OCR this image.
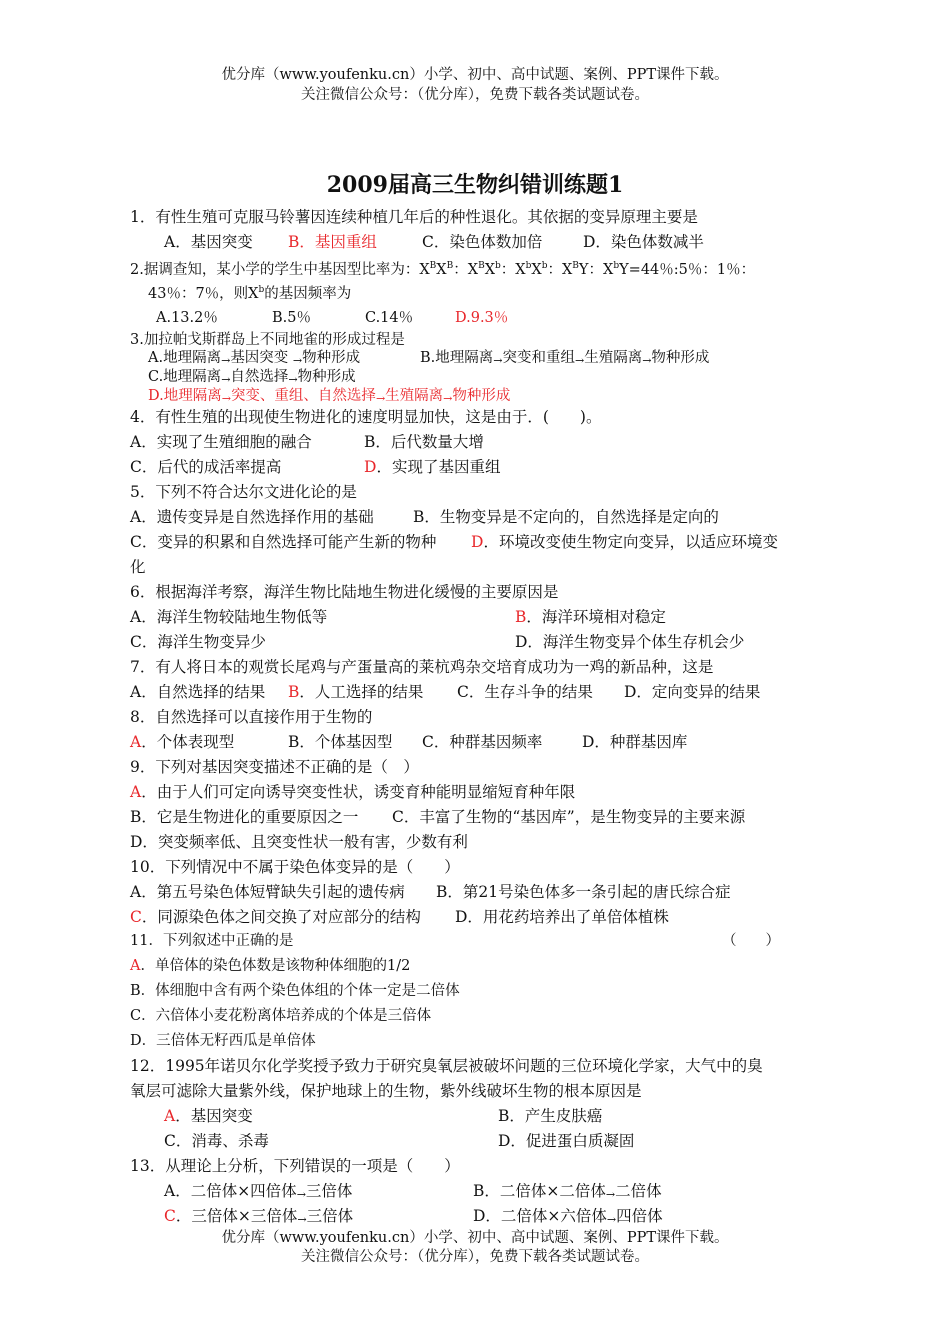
优分库（www.youfenku.cn）小学、初中、高中试题、案例、PPT课件下载。
关注微信公众号：（优分库），免费下载各类试题试卷。
2009届高三生物纠错训练题1
1．有性生殖可克服马铃薯因连续种植几年后的种性退化。其依据的变异原理主要是
A．基因突变 B．基因重组	C．染色体数加倍	D．染色体数减半
2.据调查知，某小学的学生中基因型比率为：$X^BX^B$：$X^BX^b$：$X^bX^b$：$X^BY$：$X^bY=44$％:5％：1％：
43％：7％，则$X^b$的基因频率为
A.13.2％	B.5％	C.14％	D.9.3％
3.加拉帕戈斯群岛上不同地雀的形成过程是
A.地理隔离→基因突变 →物种形成	B.地理隔离→突变和重组→生殖隔离→物种形成
C.地理隔离→自然选择→物种形成
D.地理隔离→突变、重组、自然选择→生殖隔离→物种形成
4．有性生殖的出现使生物进化的速度明显加快，这是由于．(　　)。
A．实现了生殖细胞的融合	B．后代数量大增
C．后代的成活率提高	D．实现了基因重组
5．下列不符合达尔文进化论的是
A．遗传变异是自然选择作用的基础	B．生物变异是不定向的，自然选择是定向的
C．变异的积累和自然选择可能产生新的物种 D．环境改变使生物定向变异，以适应环境变
化
6．根据海洋考察，海洋生物比陆地生物进化缓慢的主要原因是
A．海洋生物较陆地生物低等	B．海洋环境相对稳定
C．海洋生物变异少	D．海洋生物变异个体生存机会少
7．有人将日本的观赏长尾鸡与产蛋量高的莱杭鸡杂交培育成功为一鸡的新品种，这是
A．自然选择的结果 B．人工选择的结果 C．生存斗争的结果 D．定向变异的结果
8．自然选择可以直接作用于生物的
A．个体表现型	B．个体基因型 C．种群基因频率	D．种群基因库
9．下列对基因突变描述不正确的是（　）
A．由于人们可定向诱导突变性状，诱变育种能明显缩短育种年限
B．它是生物进化的重要原因之一 C．丰富了生物的“基因库”，是生物变异的主要来源
D．突变频率低、且突变性状一般有害，少数有利
10．下列情况中不属于染色体变异的是（　　）
A．第五号染色体短臂缺失引起的遗传病 B．第21号染色体多一条引起的唐氏综合症
C．同源染色体之间交换了对应部分的结构 D．用花药培养出了单倍体植株
11．下列叙述中正确的是	（　　）
A．单倍体的染色体数是该物种体细胞的1/2
B．体细胞中含有两个染色体组的个体一定是二倍体
C．六倍体小麦花粉离体培养成的个体是三倍体
D．三倍体无籽西瓜是单倍体
12．1995年诺贝尔化学奖授予致力于研究臭氧层被破坏问题的三位环境化学家，大气中的臭
氧层可滤除大量紫外线，保护地球上的生物，紫外线破坏生物的根本原因是
A．基因突变	B．产生皮肤癌
C．消毒、杀毒	D．促进蛋白质凝固
13．从理论上分析，下列错误的一项是（　　）
A．二倍体×四倍体→三倍体	B．二倍体×二倍体→二倍体
C．三倍体×三倍体→三倍体	D．二倍体×六倍体→四倍体
优分库（www.youfenku.cn）小学、初中、高中试题、案例、PPT课件下载。
关注微信公众号：（优分库），免费下载各类试题试卷。
